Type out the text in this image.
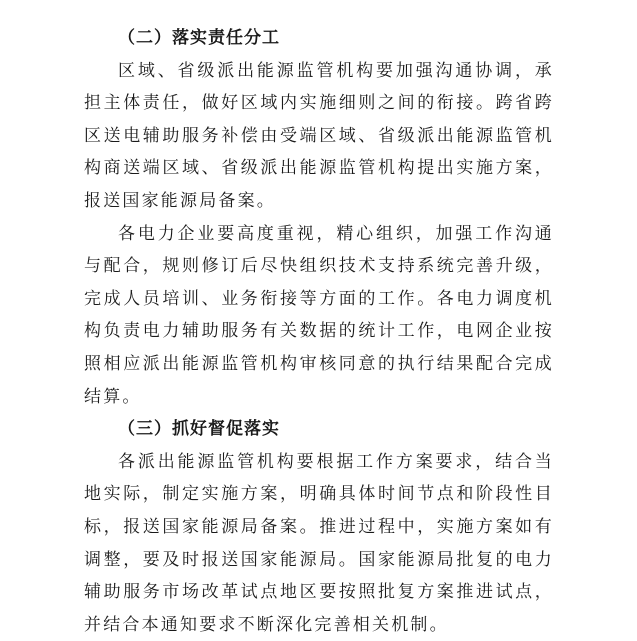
（二）落实责任分工

区域、省级派出能源监管机构要加强沟通协调，承担主体责任，做好区域内实施细则之间的衔接。跨省跨区送电辅助服务补偿由受端区域、省级派出能源监管机构商送端区域、省级派出能源监管机构提出实施方案，报送国家能源局备案。

各电力企业要高度重视，精心组织，加强工作沟通与配合，规则修订后尽快组织技术支持系统完善升级，完成人员培训、业务衔接等方面的工作。各电力调度机构负责电力辅助服务有关数据的统计工作，电网企业按照相应派出能源监管机构审核同意的执行结果配合完成结算。

（三）抓好督促落实

各派出能源监管机构要根据工作方案要求，结合当地实际，制定实施方案，明确具体时间节点和阶段性目标，报送国家能源局备案。推进过程中，实施方案如有调整，要及时报送国家能源局。国家能源局批复的电力辅助服务市场改革试点地区要按照批复方案推进试点，并结合本通知要求不断深化完善相关机制。
